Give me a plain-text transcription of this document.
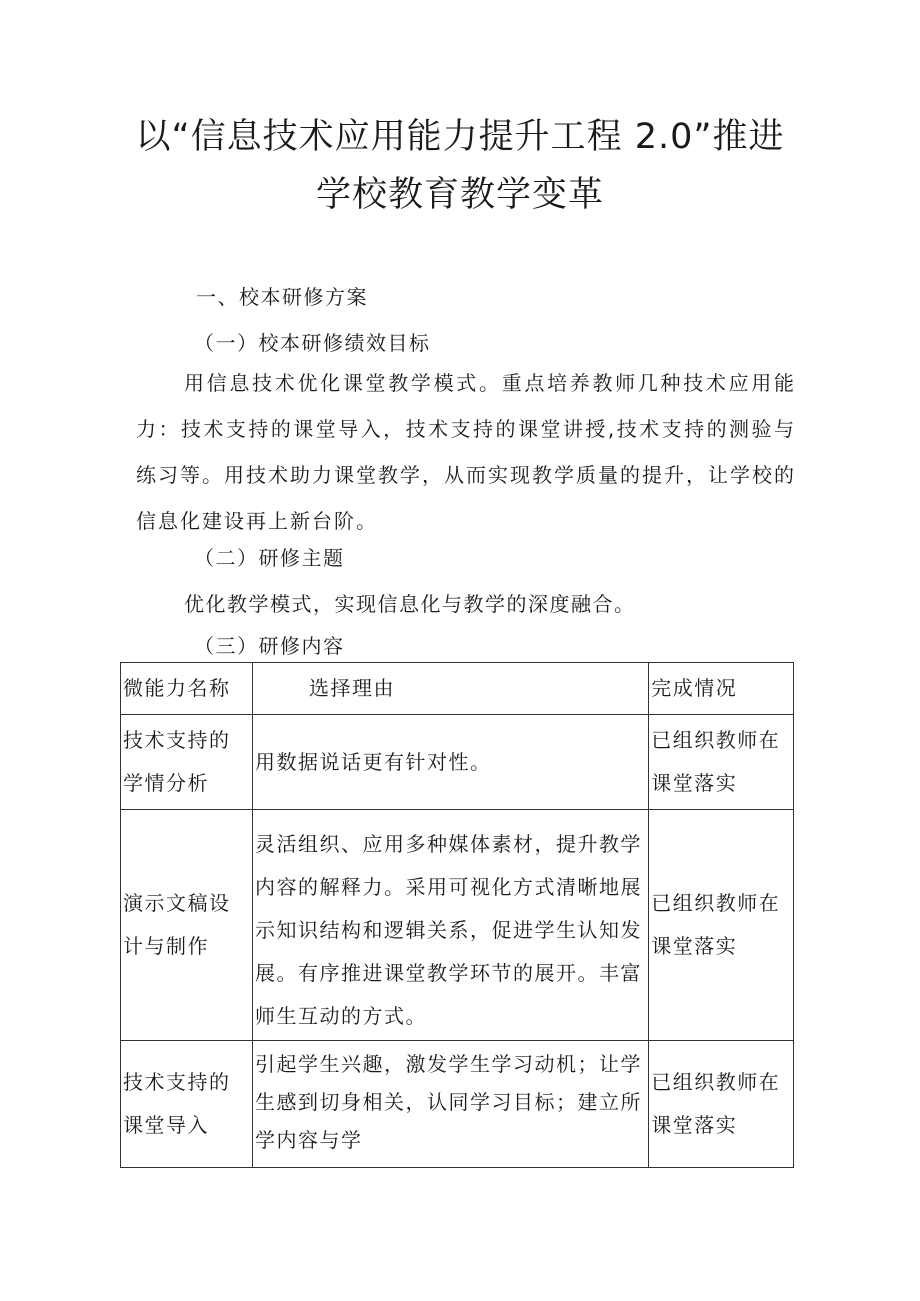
以“信息技术应用能力提升工程 2.0”推进
学校教育教学变革
一、校本研修方案
（一）校本研修绩效目标
用信息技术优化课堂教学模式。重点培养教师几种技术应用能力：技术支持的课堂导入，技术支持的课堂讲授,技术支持的测验与练习等。用技术助力课堂教学，从而实现教学质量的提升，让学校的信息化建设再上新台阶。
（二）研修主题
优化教学模式，实现信息化与教学的深度融合。
（三）研修内容
微能力名称	选择理由	完成情况
技术支持的学情分析	用数据说话更有针对性。	已组织教师在课堂落实
演示文稿设计与制作	灵活组织、应用多种媒体素材，提升教学内容的解释力。采用可视化方式清晰地展示知识结构和逻辑关系，促进学生认知发展。有序推进课堂教学环节的展开。丰富师生互动的方式。	已组织教师在课堂落实
技术支持的课堂导入	引起学生兴趣，激发学生学习动机；让学生感到切身相关，认同学习目标；建立所学内容与学	已组织教师在课堂落实
